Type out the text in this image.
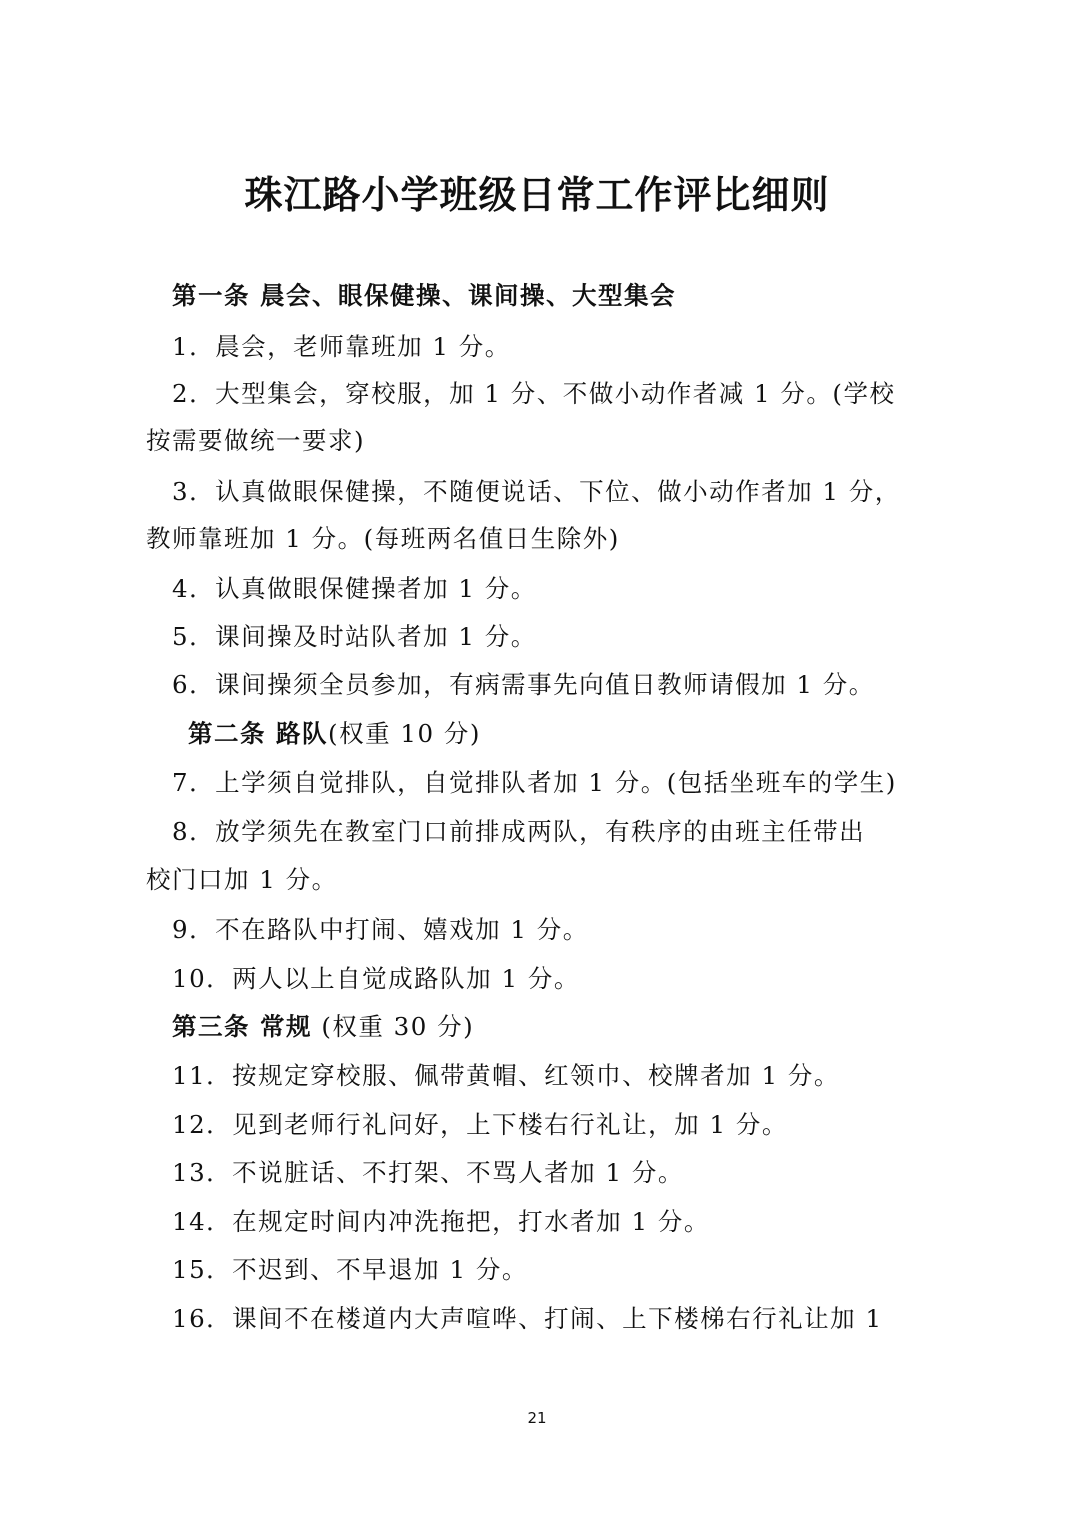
珠江路小学班级日常工作评比细则
第一条 晨会、眼保健操、课间操、大型集会
1．晨会，老师靠班加 1 分。
2．大型集会，穿校服，加 1 分、不做小动作者减 1 分。(学校
按需要做统一要求)
3．认真做眼保健操，不随便说话、下位、做小动作者加 1 分，
教师靠班加 1 分。(每班两名值日生除外)
4．认真做眼保健操者加 1 分。
5．课间操及时站队者加 1 分。
6．课间操须全员参加，有病需事先向值日教师请假加 1 分。
第二条 路队(权重 10 分)
7．上学须自觉排队，自觉排队者加 1 分。(包括坐班车的学生)
8．放学须先在教室门口前排成两队，有秩序的由班主任带出
校门口加 1 分。
9．不在路队中打闹、嬉戏加 1 分。
10．两人以上自觉成路队加 1 分。
第三条 常规 (权重 30 分)
11．按规定穿校服、佩带黄帽、红领巾、校牌者加 1 分。
12．见到老师行礼问好，上下楼右行礼让，加 1 分。
13．不说脏话、不打架、不骂人者加 1 分。
14．在规定时间内冲洗拖把，打水者加 1 分。
15．不迟到、不早退加 1 分。
16．课间不在楼道内大声喧哗、打闹、上下楼梯右行礼让加 1
21
